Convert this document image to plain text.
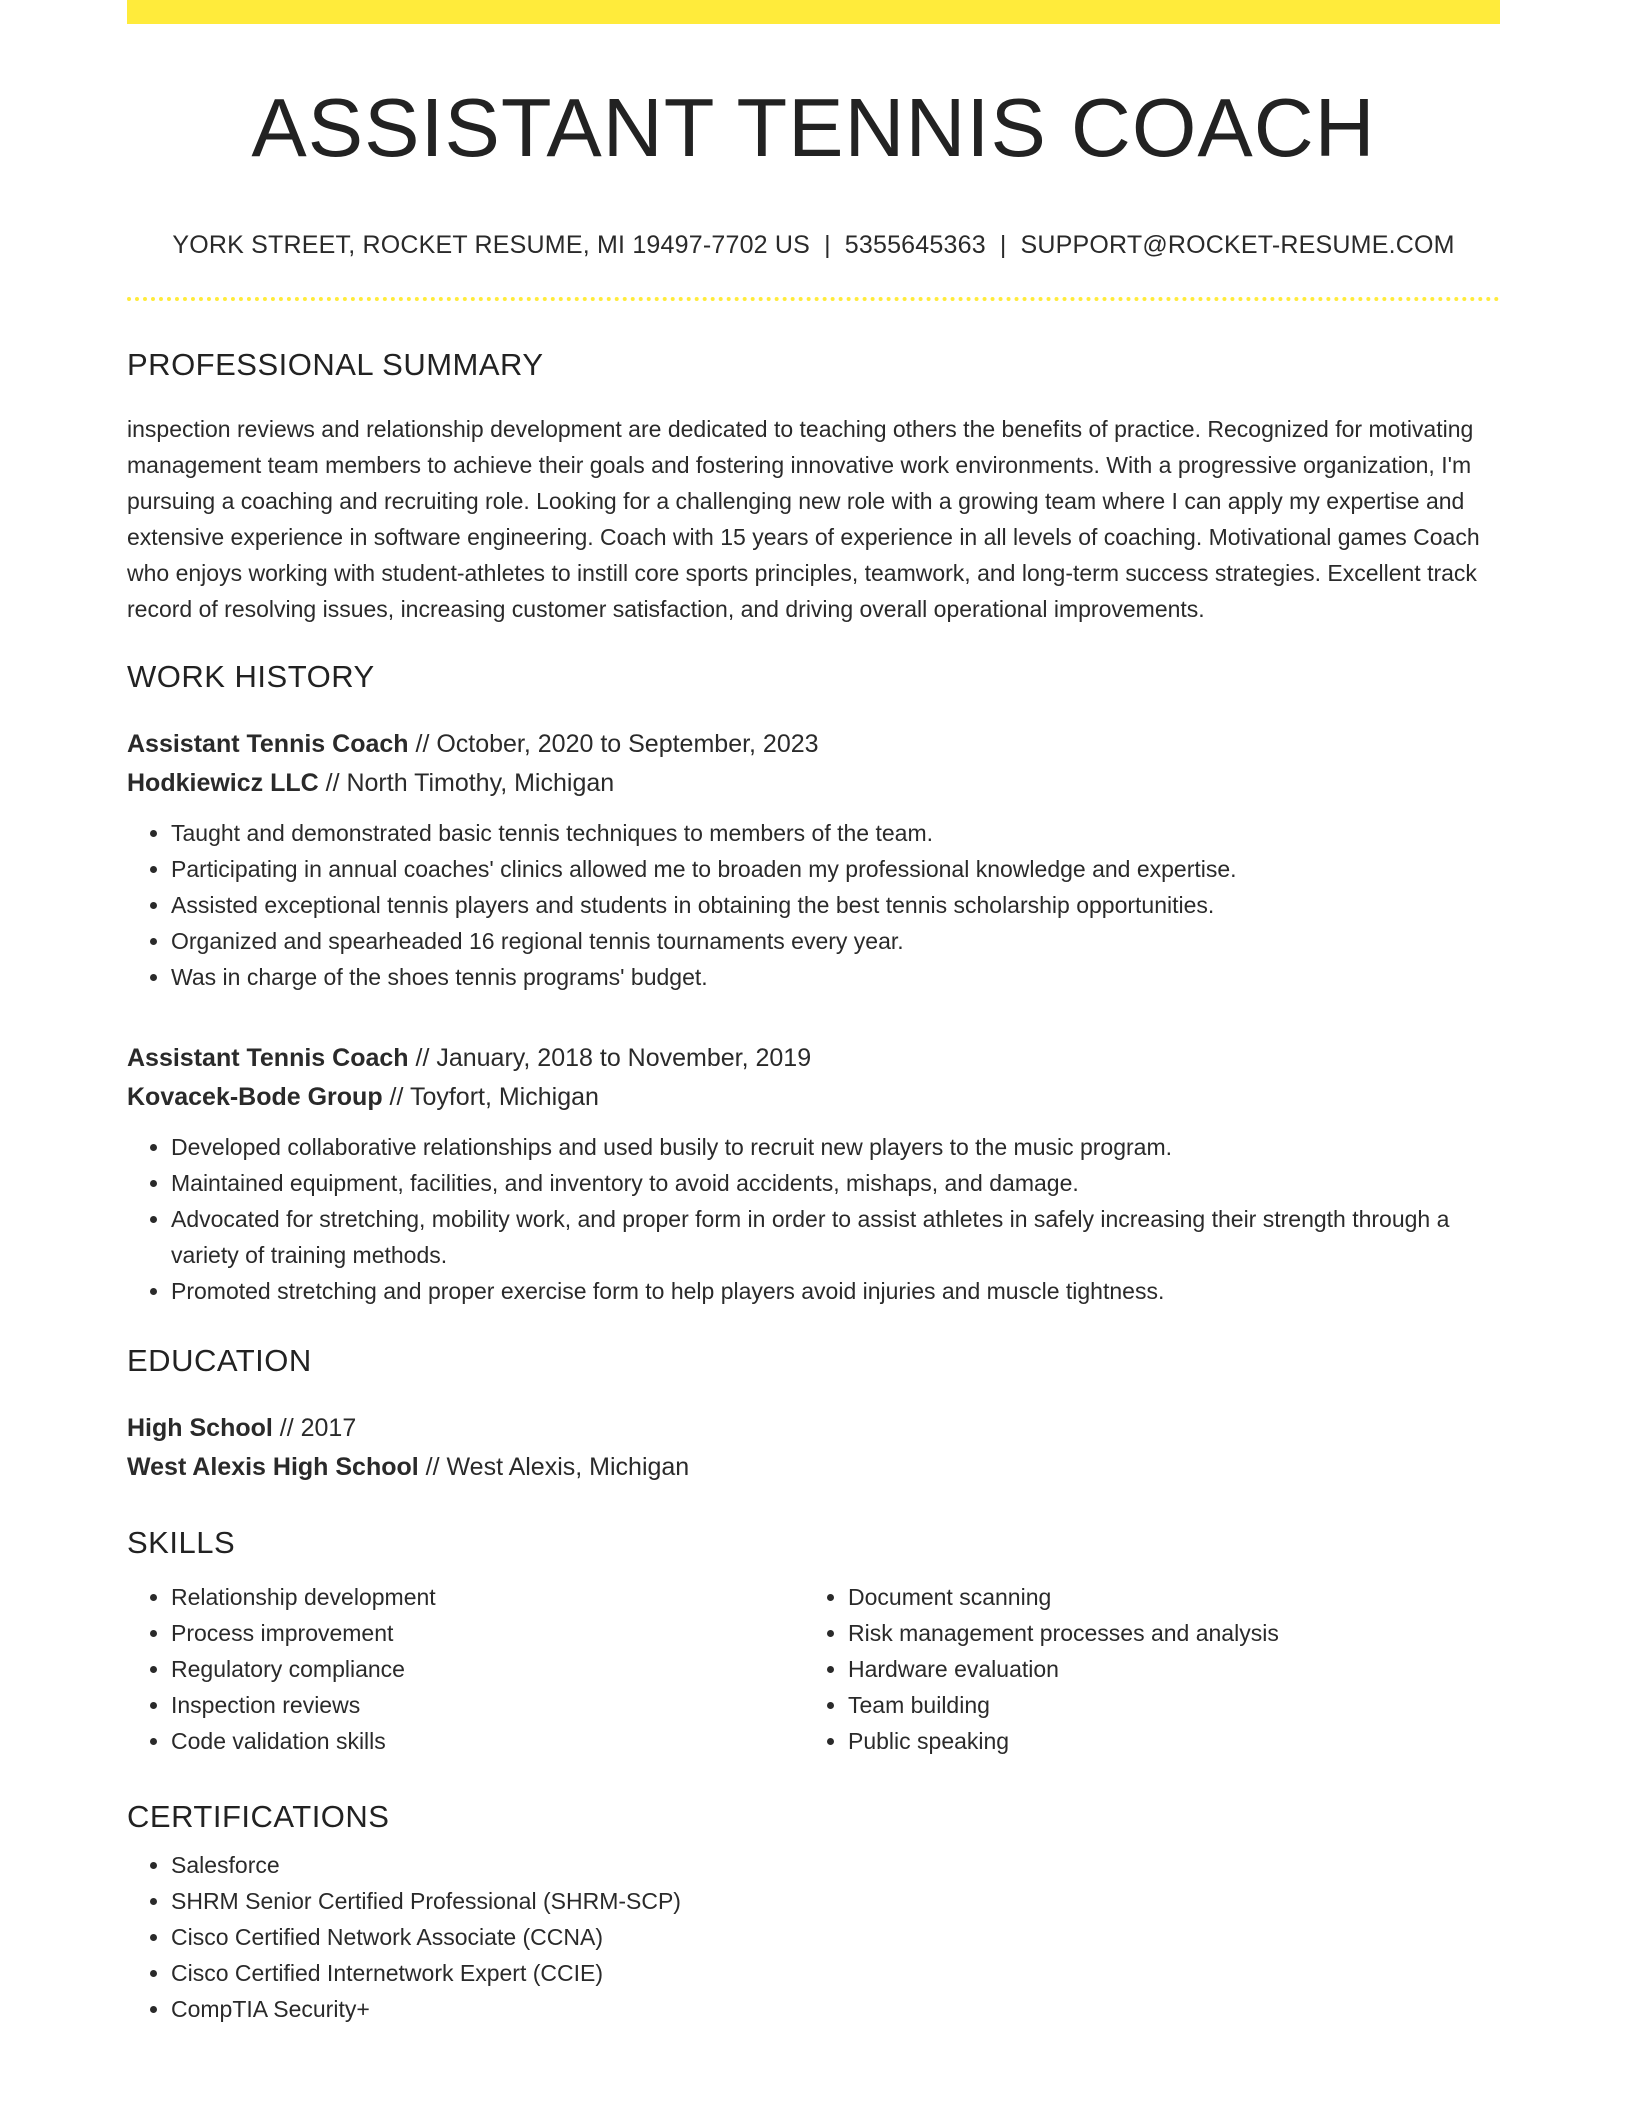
ASSISTANT TENNIS COACH
YORK STREET, ROCKET RESUME, MI 19497-7702 US | 5355645363 | SUPPORT@ROCKET-RESUME.COM
PROFESSIONAL SUMMARY

inspection reviews and relationship development are dedicated to teaching others the benefits of practice. Recognized for motivating management team members to achieve their goals and fostering innovative work environments. With a progressive organization, I'm pursuing a coaching and recruiting role. Looking for a challenging new role with a growing team where I can apply my expertise and extensive experience in software engineering. Coach with 15 years of experience in all levels of coaching. Motivational games Coach who enjoys working with student-athletes to instill core sports principles, teamwork, and long-term success strategies. Excellent track record of resolving issues, increasing customer satisfaction, and driving overall operational improvements.

WORK HISTORY
Assistant Tennis Coach // October, 2020 to September, 2023
Hodkiewicz LLC // North Timothy, Michigan
• Taught and demonstrated basic tennis techniques to members of the team.
• Participating in annual coaches' clinics allowed me to broaden my professional knowledge and expertise.
• Assisted exceptional tennis players and students in obtaining the best tennis scholarship opportunities.
• Organized and spearheaded 16 regional tennis tournaments every year.
• Was in charge of the shoes tennis programs' budget.
Assistant Tennis Coach // January, 2018 to November, 2019
Kovacek-Bode Group // Toyfort, Michigan
• Developed collaborative relationships and used busily to recruit new players to the music program.
• Maintained equipment, facilities, and inventory to avoid accidents, mishaps, and damage.
• Advocated for stretching, mobility work, and proper form in order to assist athletes in safely increasing their strength through a variety of training methods.
• Promoted stretching and proper exercise form to help players avoid injuries and muscle tightness.
EDUCATION
High School // 2017
West Alexis High School // West Alexis, Michigan
SKILLS
• Relationship development
• Process improvement
• Regulatory compliance
• Inspection reviews
• Code validation skills
• Document scanning
• Risk management processes and analysis
• Hardware evaluation
• Team building
• Public speaking
CERTIFICATIONS
• Salesforce
• SHRM Senior Certified Professional (SHRM-SCP)
• Cisco Certified Network Associate (CCNA)
• Cisco Certified Internetwork Expert (CCIE)
• CompTIA Security+
